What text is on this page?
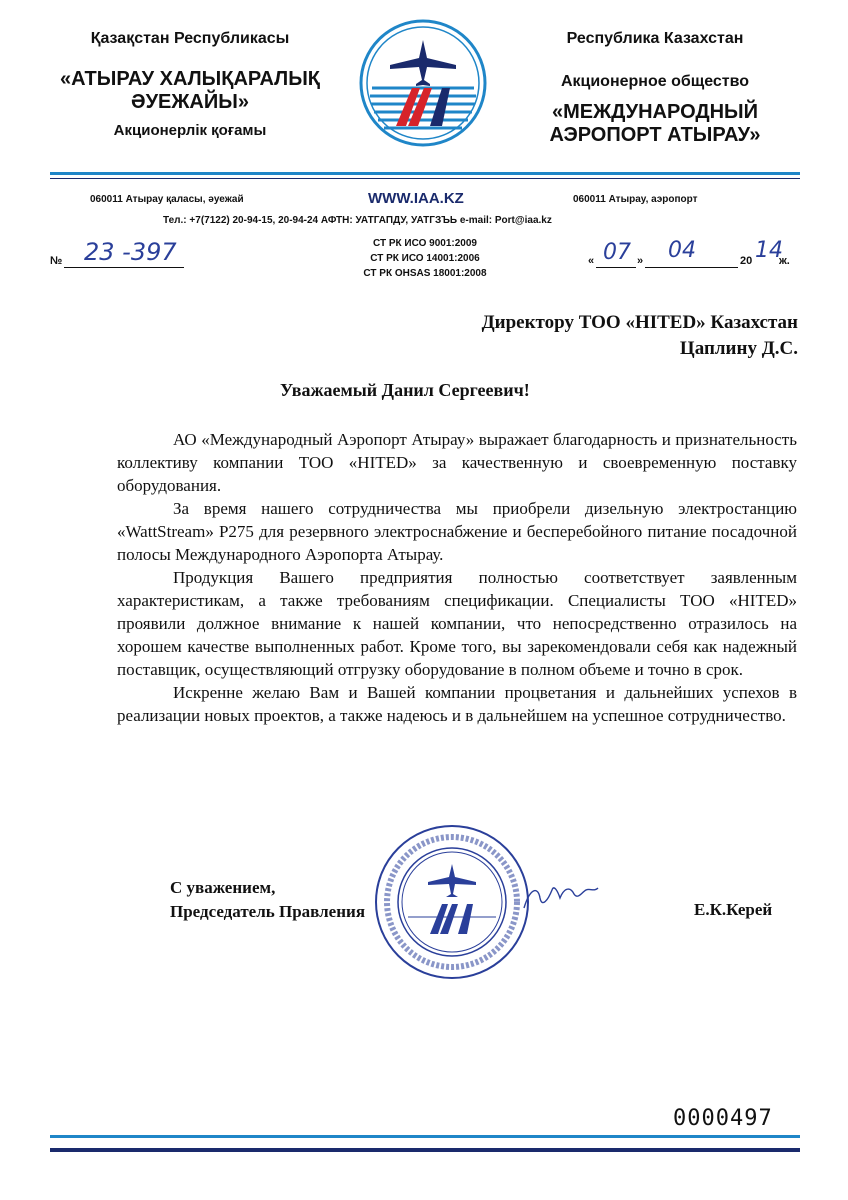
Қазақстан Республикасы
«АТЫРАУ ХАЛЫҚАРАЛЫҚ
ӘУЕЖАЙЫ»
Акционерлік қоғамы
Республика Казахстан
Акционерное общество
«МЕЖДУНАРОДНЫЙ
АЭРОПОРТ АТЫРАУ»
060011 Атырау қаласы, әуежай	WWW.IAA.KZ	060011 Атырау, аэропорт
Тел.: +7(7122) 20-94-15, 20-94-24 АФТН: УАТГАПДУ, УАТГЗЪЬ e-mail: Port@iaa.kz
СТ РК ИСО 9001:2009
СТ РК ИСО 14001:2006
СТ РК OHSAS 18001:2008
№ 23 -397	« 07 » 04	20 14
ж.
Директору ТОО «HITED» Казахстан
Цаплину Д.С.
Уважаемый Данил Сергеевич!

АО «Международный Аэропорт Атырау» выражает благодарность и признательность коллективу компании ТОО «HITED» за качественную и своевременную поставку оборудования.

За время нашего сотрудничества мы приобрели дизельную электростанцию «WattStream» P275 для резервного электроснабжение и бесперебойного питание посадочной полосы Международного Аэропорта Атырау.

Продукция Вашего предприятия полностью соответствует заявленным характеристикам, а также требованиям спецификации. Специалисты ТОО «HITED» проявили должное внимание к нашей компании, что непосредственно отразилось на хорошем качестве выполненных работ. Кроме того, вы зарекомендовали себя как надежный поставщик, осуществляющий отгрузку оборудование в полном объеме и точно в срок.

Искренне желаю Вам и Вашей компании процветания и дальнейших успехов в реализации новых проектов, а также надеюсь и в дальнейшем на успешное сотрудничество.

С уважением,
Председатель Правления	Е.К.Керей
0000497
